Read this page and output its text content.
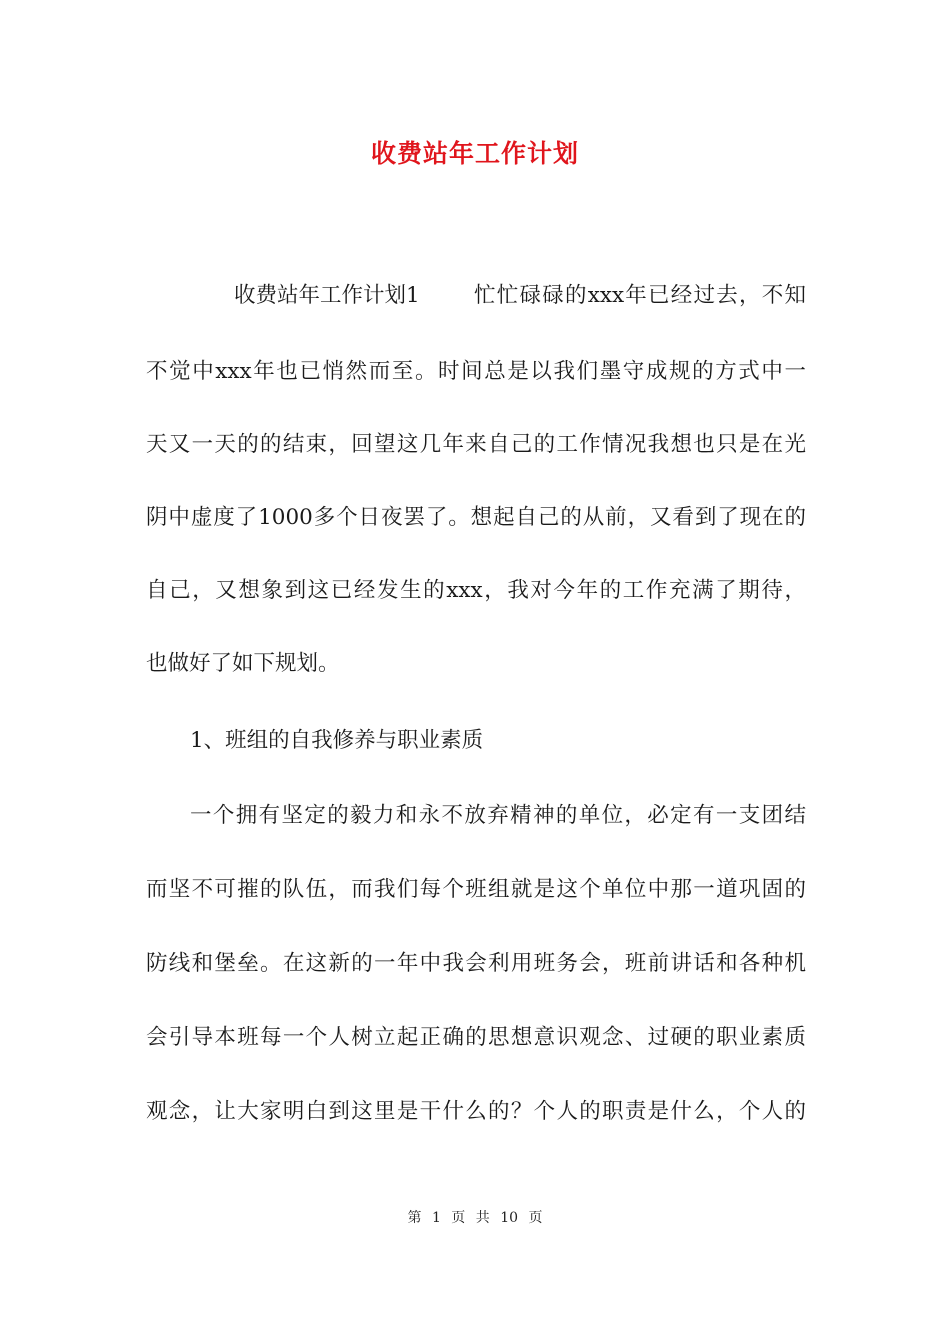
收费站年工作计划
收费站年工作计划1	忙忙碌碌的xxx年已经过去，不知
不觉中xxx年也已悄然而至。时间总是以我们墨守成规的方式中一
天又一天的的结束，回望这几年来自己的工作情况我想也只是在光
阴中虚度了1000多个日夜罢了。想起自己的从前，又看到了现在的
自己，又想象到这已经发生的xxx，我对今年的工作充满了期待，
也做好了如下规划。
1、班组的自我修养与职业素质
一个拥有坚定的毅力和永不放弃精神的单位，必定有一支团结
而坚不可摧的队伍，而我们每个班组就是这个单位中那一道巩固的
防线和堡垒。在这新的一年中我会利用班务会，班前讲话和各种机
会引导本班每一个人树立起正确的思想意识观念、过硬的职业素质
观念，让大家明白到这里是干什么的？个人的职责是什么，个人的
第 1 页 共 10 页
